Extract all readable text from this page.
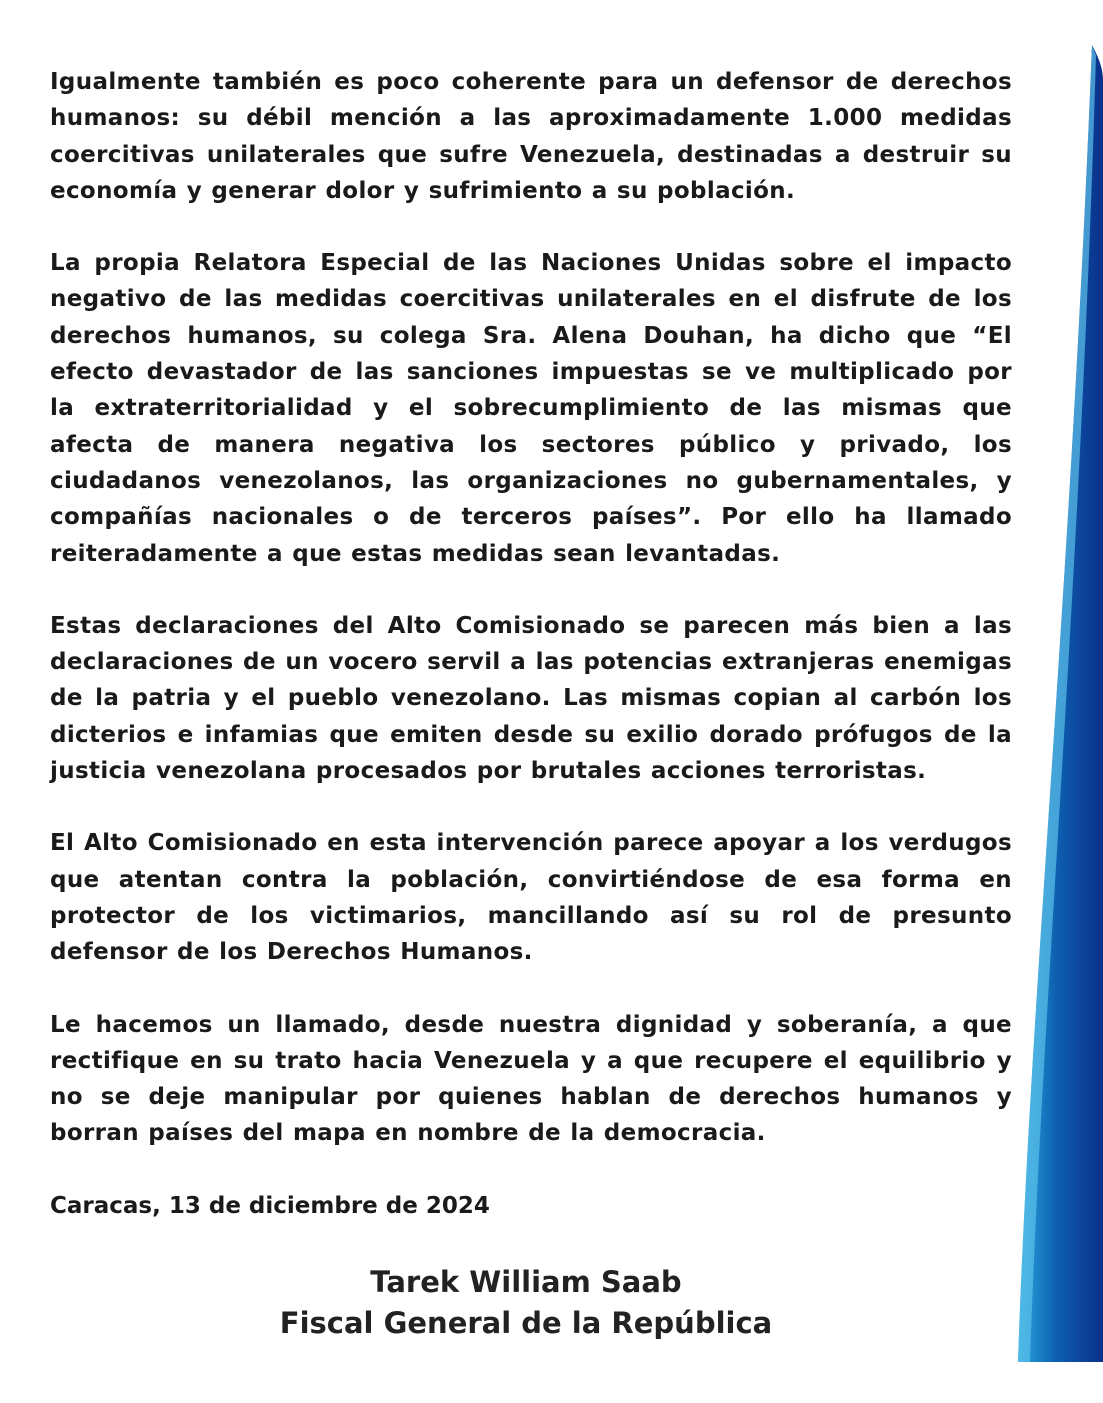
Igualmente también es poco coherente para un defensor de derechos humanos: su débil mención a las aproximadamente 1.000 medidas coercitivas unilaterales que sufre Venezuela, destinadas a destruir su economía y generar dolor y sufrimiento a su población.

La propia Relatora Especial de las Naciones Unidas sobre el impacto negativo de las medidas coercitivas unilaterales en el disfrute de los derechos humanos, su colega Sra. Alena Douhan, ha dicho que “El efecto devastador de las sanciones impuestas se ve multiplicado por la extraterritorialidad y el sobrecumplimiento de las mismas que afecta de manera negativa los sectores público y privado, los ciudadanos venezolanos, las organizaciones no gubernamentales, y compañías nacionales o de terceros países”. Por ello ha llamado reiteradamente a que estas medidas sean levantadas.

Estas declaraciones del Alto Comisionado se parecen más bien a las declaraciones de un vocero servil a las potencias extranjeras enemigas de la patria y el pueblo venezolano. Las mismas copian al carbón los dicterios e infamias que emiten desde su exilio dorado prófugos de la justicia venezolana procesados por brutales acciones terroristas.

El Alto Comisionado en esta intervención parece apoyar a los verdugos que atentan contra la población, convirtiéndose de esa forma en protector de los victimarios, mancillando así su rol de presunto defensor de los Derechos Humanos.

Le hacemos un llamado, desde nuestra dignidad y soberanía, a que rectifique en su trato hacia Venezuela y a que recupere el equilibrio y no se deje manipular por quienes hablan de derechos humanos y borran países del mapa en nombre de la democracia.

Caracas, 13 de diciembre de 2024

Tarek William Saab
Fiscal General de la República
